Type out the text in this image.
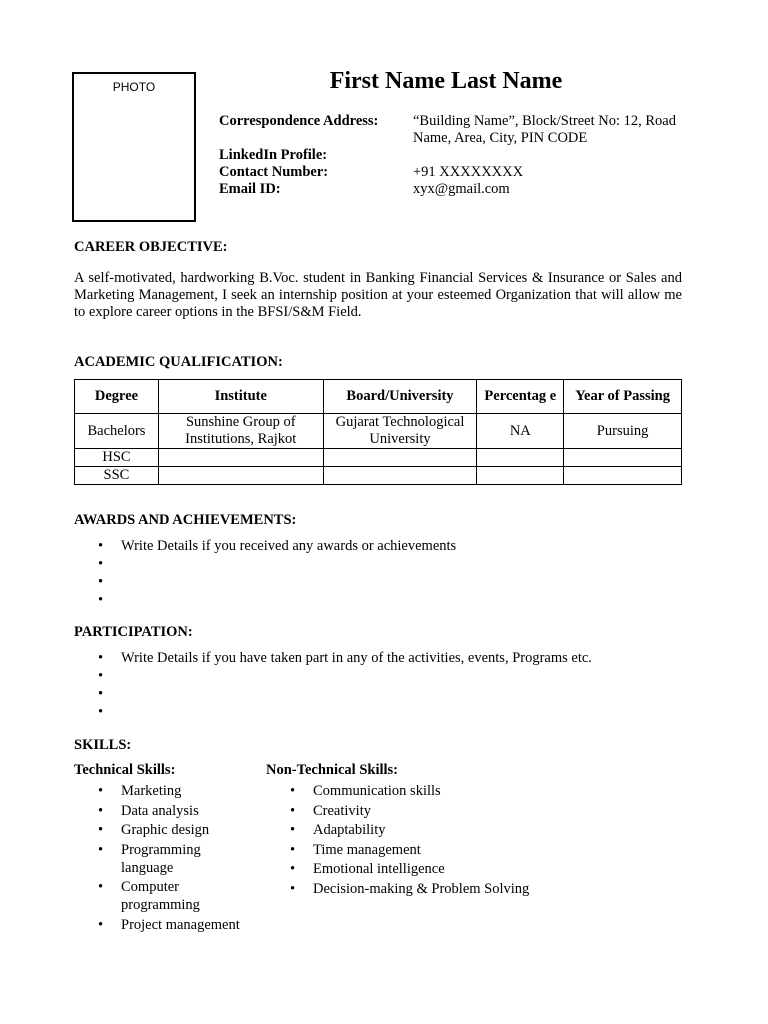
PHOTO	First Name Last Name
Correspondence Address:	“Building Name”, Block/Street No: 12, Road Name, Area, City, PIN CODE
LinkedIn Profile:
Contact Number:	+91 XXXXXXXX
Email ID:	xyx@gmail.com
CAREER OBJECTIVE:
A self-motivated, hardworking B.Voc. student in Banking Financial Services & Insurance or Sales and Marketing Management, I seek an internship position at your esteemed Organization that will allow me to explore career options in the BFSI/S&M Field.
ACADEMIC QUALIFICATION:
Degree	Institute	Board/University	Percentag e	Year of Passing
Bachelors	Sunshine Group of Institutions, Rajkot	Gujarat Technological University	NA	Pursuing
HSC				
SSC				
AWARDS AND ACHIEVEMENTS:
• Write Details if you received any awards or achievements
•
•
•
PARTICIPATION:
• Write Details if you have taken part in any of the activities, events, Programs etc.
•
•
•
SKILLS:
Technical Skills:
• Marketing
• Data analysis
• Graphic design
• Programming language
• Computer programming
• Project management
Non-Technical Skills:
• Communication skills
• Creativity
• Adaptability
• Time management
• Emotional intelligence
• Decision-making & Problem Solving
